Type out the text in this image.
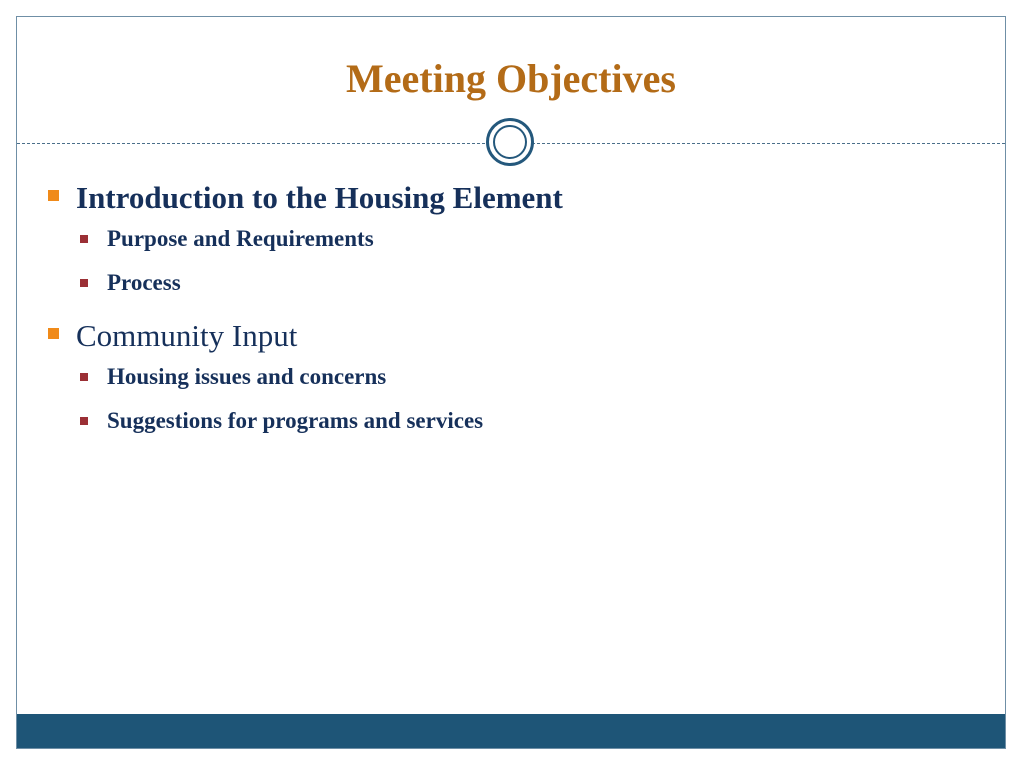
Meeting Objectives
Introduction to the Housing Element
Purpose and Requirements
Process
Community Input
Housing issues and concerns
Suggestions for programs and services
